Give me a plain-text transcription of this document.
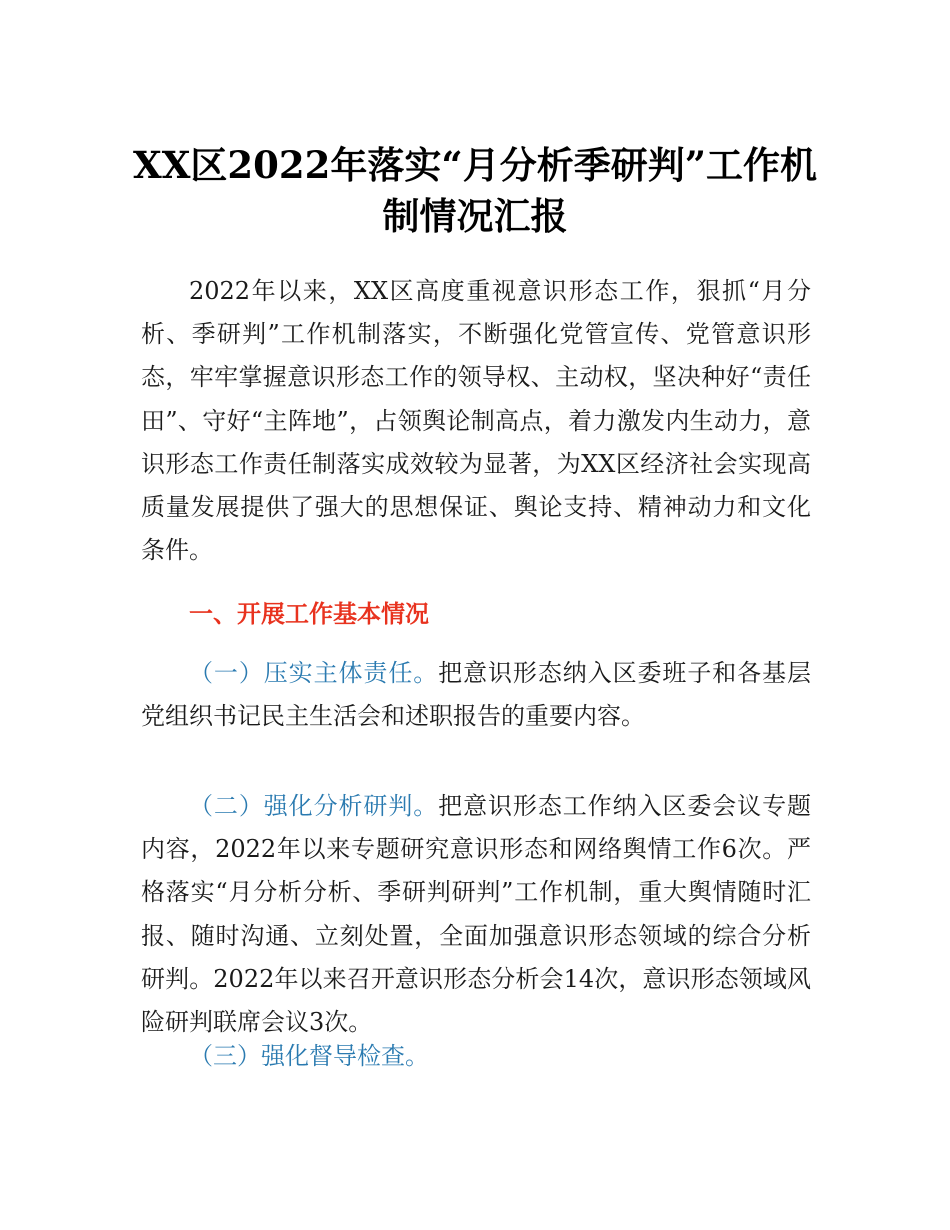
XX区2022年落实“月分析季研判”工作机制情况汇报

2022年以来，XX区高度重视意识形态工作，狠抓“月分析、季研判”工作机制落实，不断强化党管宣传、党管意识形态，牢牢掌握意识形态工作的领导权、主动权，坚决种好“责任田”、守好“主阵地”，占领舆论制高点，着力激发内生动力，意识形态工作责任制落实成效较为显著，为XX区经济社会实现高质量发展提供了强大的思想保证、舆论支持、精神动力和文化条件。

一、开展工作基本情况

（一）压实主体责任。把意识形态纳入区委班子和各基层党组织书记民主生活会和述职报告的重要内容。

（二）强化分析研判。把意识形态工作纳入区委会议专题内容，2022年以来专题研究意识形态和网络舆情工作6次。严格落实“月分析分析、季研判研判”工作机制，重大舆情随时汇报、随时沟通、立刻处置，全面加强意识形态领域的综合分析研判。2022年以来召开意识形态分析会14次，意识形态领域风险研判联席会议3次。

（三）强化督导检查。
